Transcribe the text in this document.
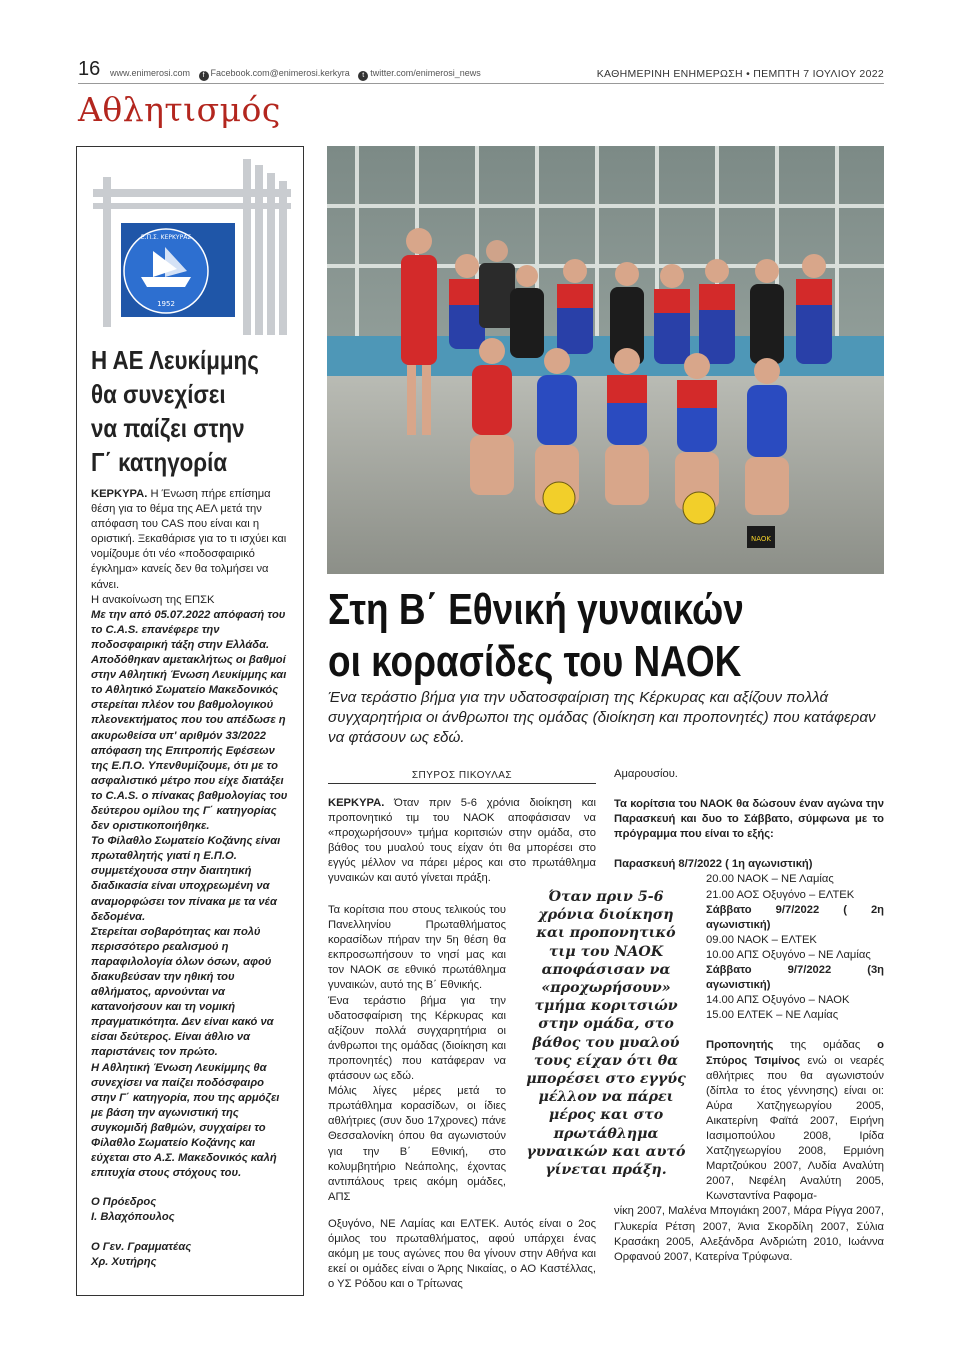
16 www.enimerosi.com f Facebook.com@enimerosi.kerkyra t twitter.com/enimerosi_news	ΚΑΘΗΜΕΡΙΝΗ ΕΝΗΜΕΡΩΣΗ • ΠΕΜΠΤΗ 7 ΙΟΥΛΙΟΥ 2022
Αθλητισμός
Ε.Π.Σ. ΚΕΡΚΥΡΑΣ
1952
Η ΑΕ Λευκίμμης
θα συνεχίσει
να παίζει στην
Γ΄ κατηγορία

ΚΕΡΚΥΡΑ. Η Ένωση πήρε επίσημα θέση για το θέμα της ΑΕΛ μετά την απόφαση του CAS που είναι και η οριστική. Ξεκαθάρισε για το τι ισχύει και νομίζουμε ότι νέο «ποδοσφαιρικό έγκλημα» κανείς δεν θα τολμήσει να κάνει.

Η ανακοίνωση της ΕΠΣΚ

Με την από 05.07.2022 απόφασή του το C.A.S. επανέφερε την ποδοσφαιρική τάξη στην Ελλάδα. Αποδόθηκαν αμετακλήτως οι βαθμοί στην Αθλητική Ένωση Λευκίμμης και το Αθλητικό Σωματείο Μακεδονικός στερείται πλέον του βαθμολογικού πλεονεκτήματος που του απέδωσε η ακυρωθείσα υπ' αριθμόν 33/2022 απόφαση της Επιτροπής Εφέσεων της Ε.Π.Ο. Υπενθυμίζουμε, ότι με το ασφαλιστικό μέτρο που είχε διατάξει το C.A.S. ο πίνακας βαθμολογίας του δεύτερου ομίλου της Γ΄ κατηγορίας δεν οριστικοποιήθηκε.

Το Φίλαθλο Σωματείο Κοζάνης είναι πρωταθλητής γιατί η Ε.Π.Ο. συμμετέχουσα στην διαιτητική διαδικασία είναι υποχρεωμένη να αναμορφώσει τον πίνακα με τα νέα δεδομένα.

Στερείται σοβαρότητας και πολύ περισσότερο ρεαλισμού η παραφιλολογία όλων όσων, αφού διακυβεύσαν την ηθική του αθλήματος, αρνούνται να κατανοήσουν και τη νομική πραγματικότητα. Δεν είναι κακό να είσαι δεύτερος. Είναι άθλιο να παριστάνεις τον πρώτο.

Η Αθλητική Ένωση Λευκίμμης θα συνεχίσει να παίζει ποδόσφαιρο στην Γ΄ κατηγορία, που της αρμόζει με βάση την αγωνιστική της συγκομιδή βαθμών, συγχαίρει το Φίλαθλο Σωματείο Κοζάνης και εύχεται στο Α.Σ. Μακεδονικός καλή επιτυχία στους στόχους του.

Ο Πρόεδρος

Ι. Βλαχόπουλος

Ο Γεν. Γραμματέας

Χρ. Χυτήρης

NAOK
Στη Β΄ Εθνική γυναικών
οι κορασίδες του ΝΑΟΚ
Ένα τεράστιο βήμα για την υδατοσφαίριση της Κέρκυρας και αξίζουν πολλά συγχαρητήρια οι άνθρωποι της ομάδας (διοίκηση και προπονητές) που κατάφεραν να φτάσουν ως εδώ.
ΣΠΥΡΟΣ ΠΙΚΟΥΛΑΣ

ΚΕΡΚΥΡΑ. Όταν πριν 5-6 χρόνια διοίκηση και προπονητικό τιμ του ΝΑΟΚ αποφάσισαν να «προχωρήσουν» τμήμα κοριτσιών στην ομάδα, στο βάθος του μυαλού τους είχαν ότι θα μπορέσει στο εγγύς μέλλον να πάρει μέρος και στο πρωτάθλημα γυναικών και αυτό γίνεται πράξη.

Τα κορίτσια που στους τελικούς του Πανελληνίου Πρωταθλήματος κορασίδων πήραν την 5η θέση θα εκπροσωπήσουν το νησί μας και τον ΝΑΟΚ σε εθνικό πρωτάθλημα γυναικών, αυτό της Β΄ Εθνικής.

Ένα τεράστιο βήμα για την υδατοσφαίριση της Κέρκυρας και αξίζουν πολλά συγχαρητήρια οι άνθρωποι της ομάδας (διοίκηση και προπονητές) που κατάφεραν να φτάσουν ως εδώ.

Μόλις λίγες μέρες μετά το πρωτάθλημα κορασίδων, οι ίδιες αθλήτριες (συν δυο 17χρονες) πάνε Θεσσαλονίκη όπου θα αγωνιστούν για την Β΄ Εθνική, στο κολυμβητήριο Νεάπολης, έχοντας αντιπάλους τρεις ακόμη ομάδες, ΑΠΣ

Οξυγόνο, ΝΕ Λαμίας και ΕΛΤΕΚ. Αυτός είναι ο 2ος όμιλος του πρωταθλήματος, αφού υπάρχει ένας ακόμη με τους αγώνες που θα γίνουν στην Αθήνα και εκεί οι ομάδες είναι ο Άρης Νικαίας, ο ΑΟ Καστέλλας, ο ΥΣ Ρόδου και ο Τρίτωνας

Όταν πριν 5-6 χρόνια διοίκηση και προπονητικό τιμ του ΝΑΟΚ αποφάσισαν να «προχωρήσουν» τμήμα κοριτσιών στην ομάδα, στο βάθος του μυαλού τους είχαν ότι θα μπορέσει στο εγγύς μέλλον να πάρει μέρος και στο πρωτάθλημα γυναικών και αυτό γίνεται πράξη.

Αμαρουσίου.

Τα κορίτσια του ΝΑΟΚ θα δώσουν έναν αγώνα την Παρασκευή και δυο το Σάββατο, σύμφωνα με το πρόγραμμα που είναι το εξής:

Παρασκευή 8/7/2022 ( 1η αγωνιστική)

20.00 ΝΑΟΚ – ΝΕ Λαμίας

21.00 ΑΟΣ Οξυγόνο – ΕΛΤΕΚ

Σάββατο 9/7/2022 ( 2η αγωνιστική)

09.00 ΝΑΟΚ – ΕΛΤΕΚ

10.00 ΑΠΣ Οξυγόνο – ΝΕ Λαμίας

Σάββατο 9/7/2022 (3η αγωνιστική)

14.00 ΑΠΣ Οξυγόνο – ΝΑΟΚ

15.00 ΕΛΤΕΚ – ΝΕ Λαμίας

Προπονητής της ομάδας ο Σπύρος Τσιμίνος ενώ οι νεαρές αθλήτριες που θα αγωνιστούν (δίπλα το έτος γέννησης) είναι οι: Αύρα Χατζηγεωργίου 2005, Αικατερίνη Φαϊτά 2007, Ειρήνη Ιασιμοπούλου 2008, Ιρίδα Χατζηγεωργίου 2008, Ερμιόνη Μαρτζούκου 2007, Λυδία Αναλύτη 2007, Νεφέλη Αναλύτη 2005, Κωνσταντίνα Ραφομα-

νίκη 2007, Μαλένα Μπογιάκη 2007, Μάρα Ρίγγα 2007, Γλυκερία Ρέτση 2007, Άνια Σκορδίλη 2007, Σύλια Κρασάκη 2005, Αλεξάνδρα Ανδριώτη 2010, Ιωάννα Ορφανού 2007, Κατερίνα Τρύφωνα.
